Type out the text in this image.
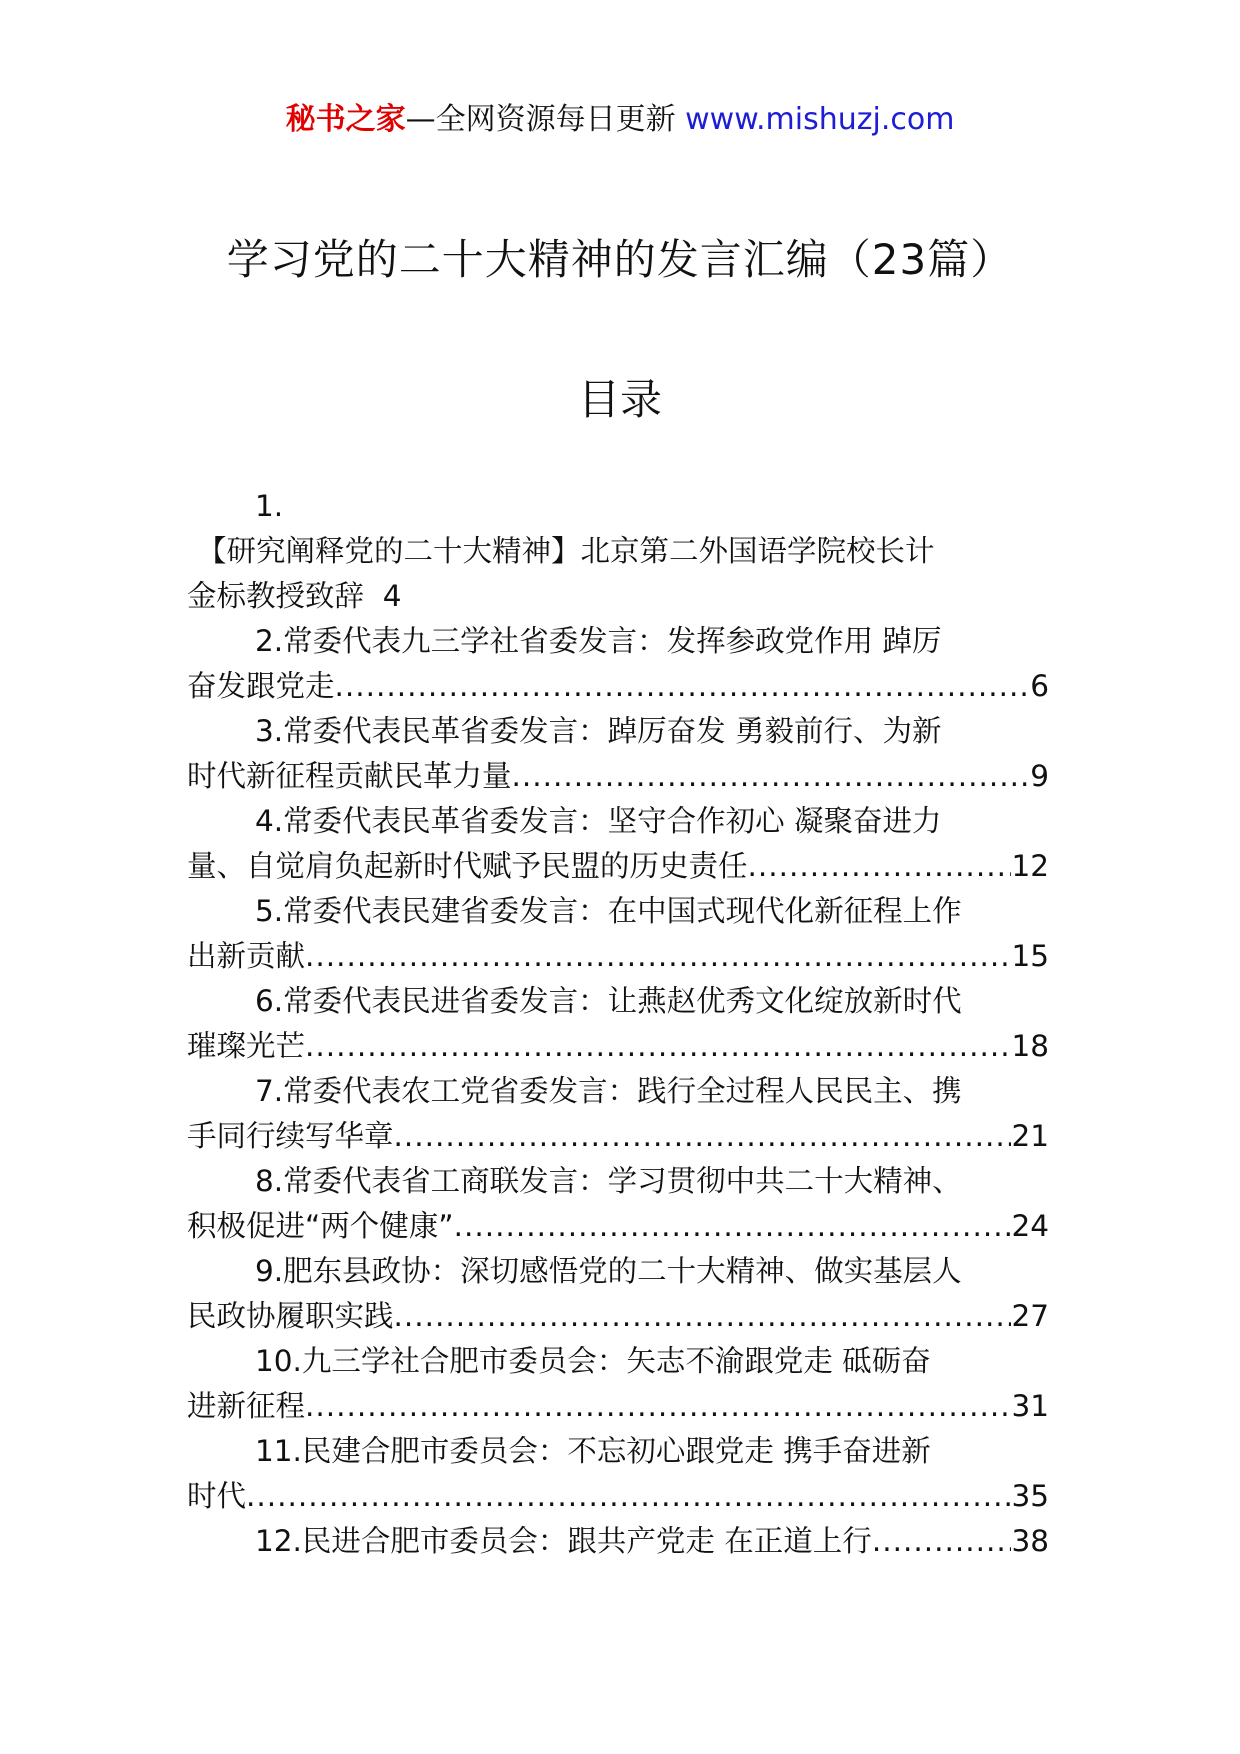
秘书之家—全网资源每日更新 www.mishuzj.com
学习党的二十大精神的发言汇编（23篇）
目录
1.
【研究阐释党的二十大精神】北京第二外国语学院校长计
金标教授致辞 4
2.常委代表九三学社省委发言：发挥参政党作用 踔厉
奋发跟党走 .....	6
3.常委代表民革省委发言：踔厉奋发 勇毅前行、为新
时代新征程贡献民革力量 .....	9
4.常委代表民革省委发言：坚守合作初心 凝聚奋进力
量、自觉肩负起新时代赋予民盟的历史责任 .....	12
5.常委代表民建省委发言：在中国式现代化新征程上作
出新贡献 .....	15
6.常委代表民进省委发言：让燕赵优秀文化绽放新时代
璀璨光芒 .....	18
7.常委代表农工党省委发言：践行全过程人民民主、携
手同行续写华章 .....	21
8.常委代表省工商联发言：学习贯彻中共二十大精神、
积极促进“两个健康” .....	24
9.肥东县政协：深切感悟党的二十大精神、做实基层人
民政协履职实践 .....	27
10.九三学社合肥市委员会：矢志不渝跟党走 砥砺奋
进新征程 .....	31
11.民建合肥市委员会：不忘初心跟党走 携手奋进新
时代 .....	35
12. 民进合肥市委员会：跟共产党走 在正道上行 .....	38
